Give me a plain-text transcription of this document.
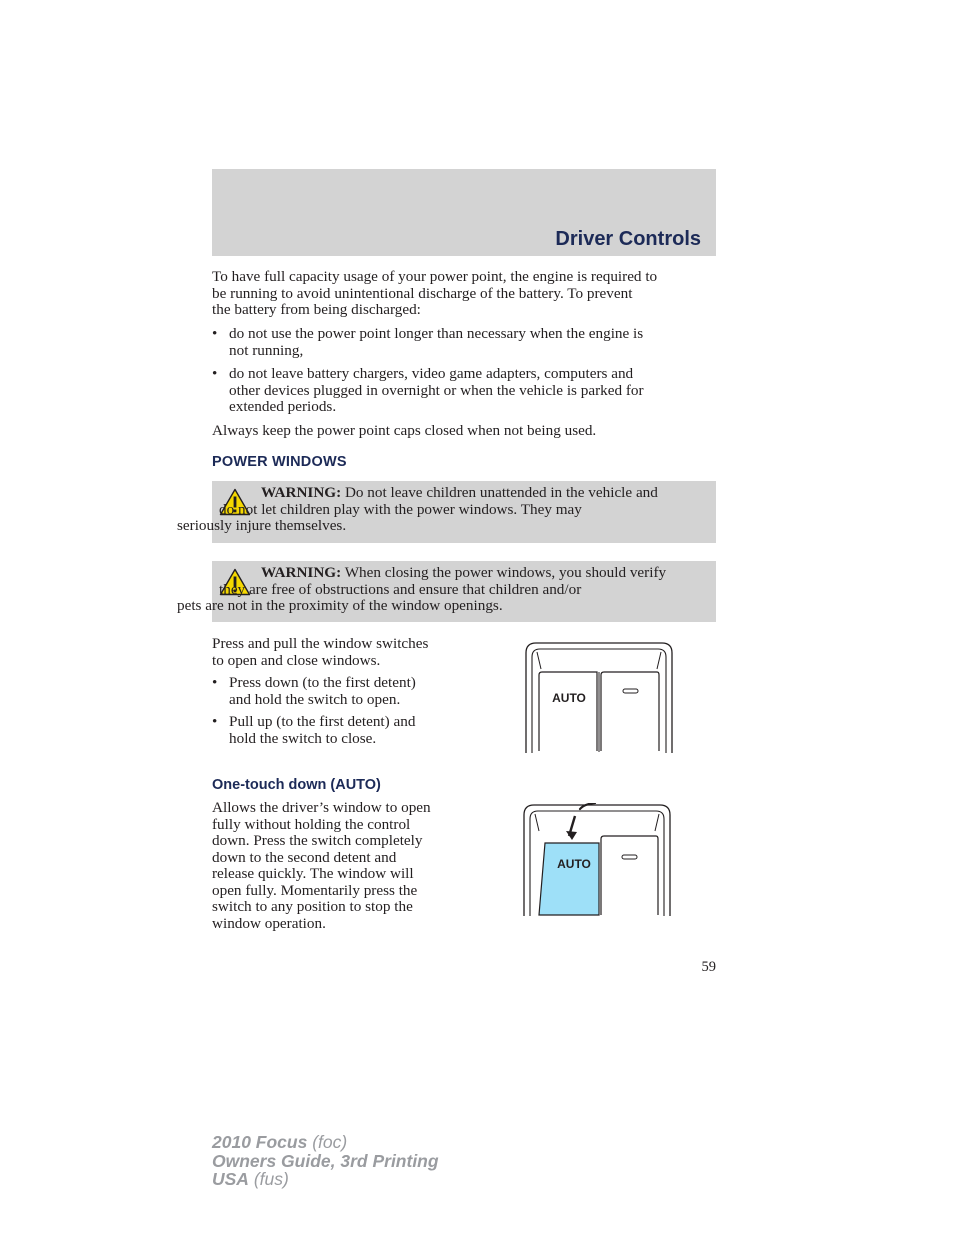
Driver Controls

To have full capacity usage of your power point, the engine is required to
be running to avoid unintentional discharge of the battery. To prevent
the battery from being discharged:

• do not use the power point longer than necessary when the engine is
not running,
• do not leave battery chargers, video game adapters, computers and
other devices plugged in overnight or when the vehicle is parked for
extended periods.

Always keep the power point caps closed when not being used.

POWER WINDOWS
WARNING: Do not leave children unattended in the vehicle and
do not let children play with the power windows. They may
seriously injure themselves.
WARNING: When closing the power windows, you should verify
they are free of obstructions and ensure that children and/or
pets are not in the proximity of the window openings.

Press and pull the window switches
to open and close windows.

• Press down (to the first detent)
and hold the switch to open.
• Pull up (to the first detent) and
hold the switch to close.
AUTO
One-touch down (AUTO)

Allows the driver’s window to open
fully without holding the control
down. Press the switch completely
down to the second detent and
release quickly. The window will
open fully. Momentarily press the
switch to any position to stop the
window operation.

AUTO
59
2010 Focus (foc)
Owners Guide, 3rd Printing
USA (fus)
